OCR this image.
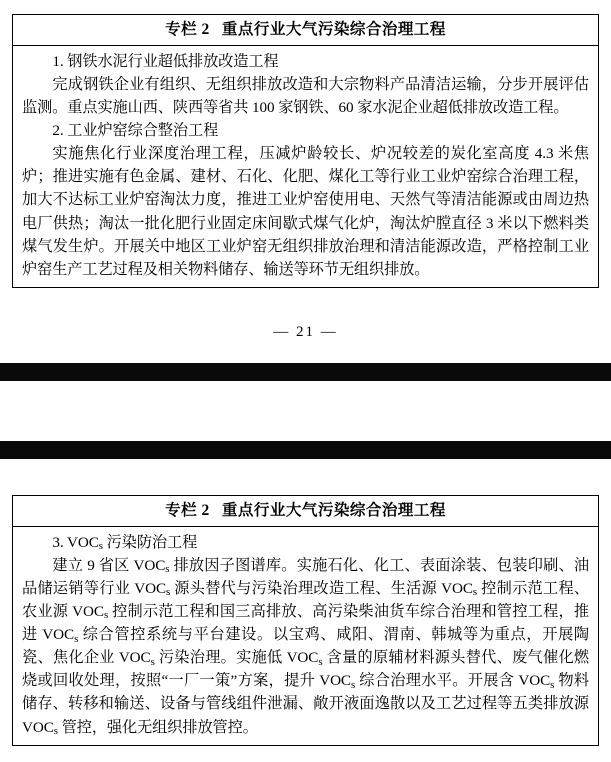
专栏 2 重点行业大气污染综合治理工程

1. 钢铁水泥行业超低排放改造工程

完成钢铁企业有组织、无组织排放改造和大宗物料产品清洁运输，分步开展评估监测。重点实施山西、陕西等省共 100 家钢铁、60 家水泥企业超低排放改造工程。

2. 工业炉窑综合整治工程

实施焦化行业深度治理工程，压减炉龄较长、炉况较差的炭化室高度 4.3 米焦炉；推进实施有色金属、建材、石化、化肥、煤化工等行业工业炉窑综合治理工程，加大不达标工业炉窑淘汰力度，推进工业炉窑使用电、天然气等清洁能源或由周边热电厂供热；淘汰一批化肥行业固定床间歇式煤气化炉，淘汰炉膛直径 3 米以下燃料类煤气发生炉。开展关中地区工业炉窑无组织排放治理和清洁能源改造，严格控制工业炉窑生产工艺过程及相关物料储存、输送等环节无组织排放。

— 21 —
专栏 2 重点行业大气污染综合治理工程

3. $VOC_s$ 污染防治工程

建立 9 省区 $VOC_s$ 排放因子图谱库。实施石化、化工、表面涂装、包装印刷、油品储运销等行业 $VOC_s$ 源头替代与污染治理改造工程、生活源 $VOC_s$ 控制示范工程、农业源 $VOC_s$ 控制示范工程和国三高排放、高污染柴油货车综合治理和管控工程，推进 $VOC_s$ 综合管控系统与平台建设。以宝鸡、咸阳、渭南、韩城等为重点，开展陶瓷、焦化企业 $VOC_s$ 污染治理。实施低 $VOC_s$ 含量的原辅材料源头替代、废气催化燃烧或回收处理，按照“一厂一策”方案，提升 $VOC_s$ 综合治理水平。开展含 $VOC_s$ 物料储存、转移和输送、设备与管线组件泄漏、敞开液面逸散以及工艺过程等五类排放源 $VOC_s$ 管控，强化无组织排放管控。
